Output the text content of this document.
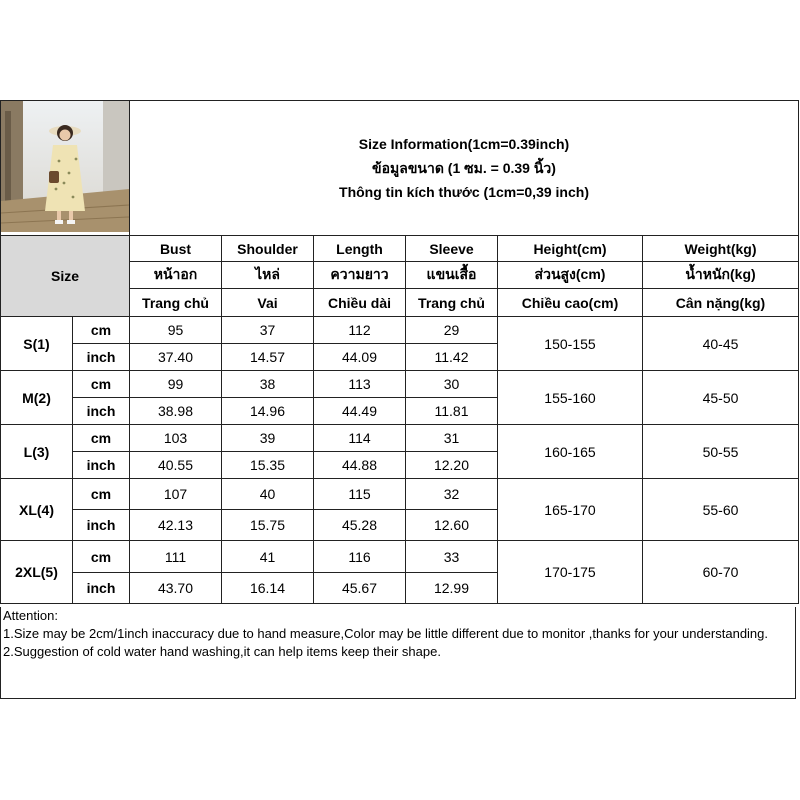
Size Information(1cm=0.39inch)
ข้อมูลขนาด (1 ซม. = 0.39 นิ้ว)
Thông tin kích thước (1cm=0,39 inch)					

Size		Bust	Shoulder	Length	Sleeve	Height(cm)	Weight(kg)
		หน้าอก	ไหล่	ความยาว	แขนเสื้อ	ส่วนสูง(cm)	น้ำหนัก(kg)
		Trang chủ	Vai	Chiều dài	Trang chủ	Chiều cao(cm)	Cân nặng(kg)
S(1)	cm	95	37	112	29	150-155	40-45
	inch	37.40	14.57	44.09	11.42		
M(2)	cm	99	38	113	30	155-160	45-50
	inch	38.98	14.96	44.49	11.81		
L(3)	cm	103	39	114	31	160-165	50-55
	inch	40.55	15.35	44.88	12.20		
XL(4)	cm	107	40	115	32	165-170	55-60
	inch	42.13	15.75	45.28	12.60		
2XL(5)	cm	111	41	116	33	170-175	60-70
	inch	43.70	16.14	45.67	12.99		
Attention:
1.Size may be 2cm/1inch inaccuracy due to hand measure,Color may be little different due to monitor ,thanks for your understanding.
2.Suggestion of cold water hand washing,it can help items keep their shape.
